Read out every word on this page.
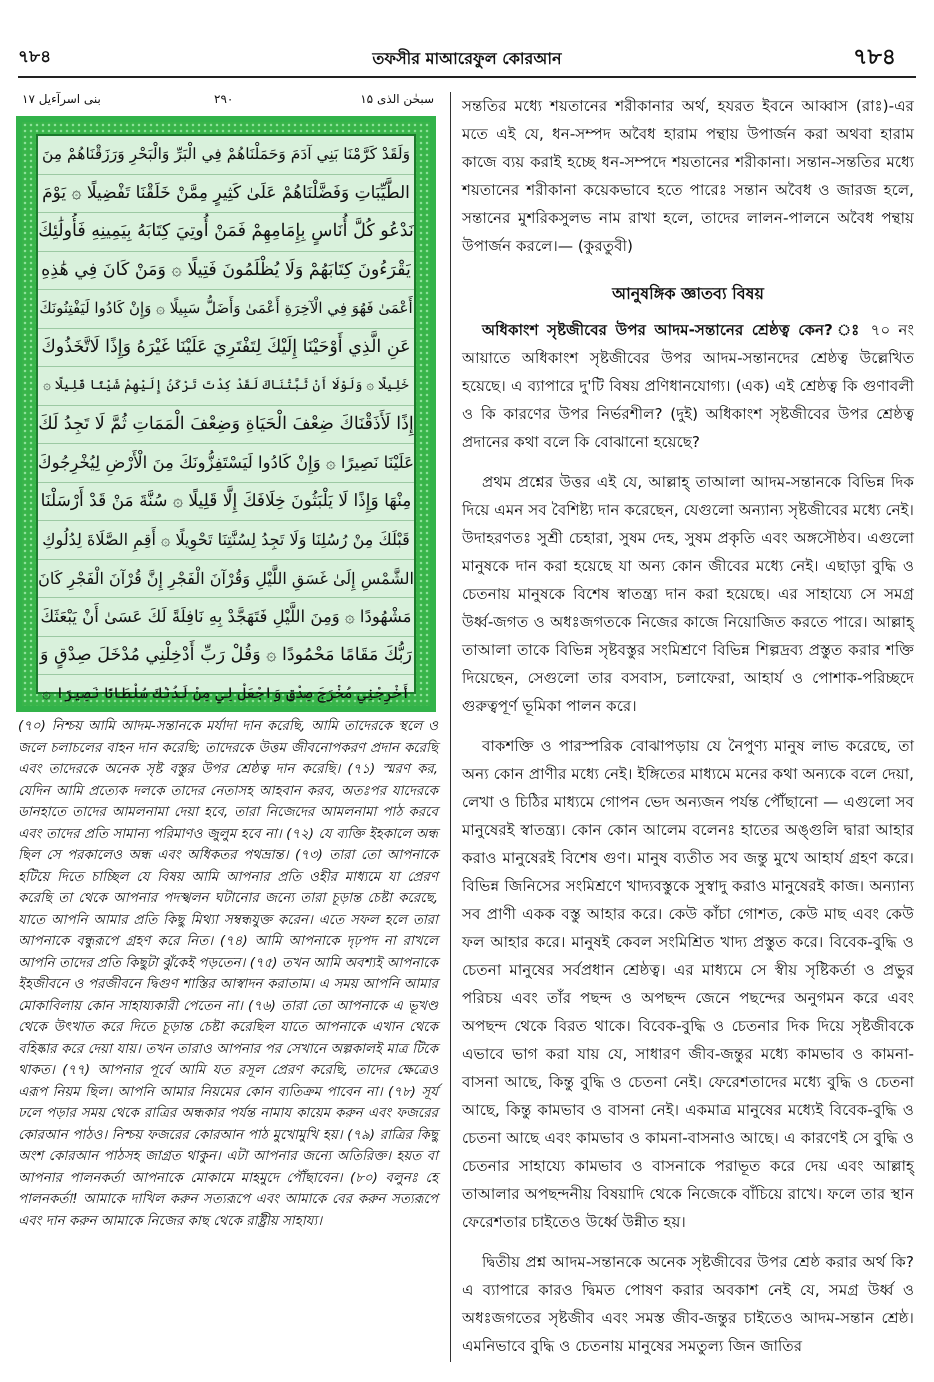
৭৮৪	তফসীর মাআরেফুল কোরআন	৭৮৪
بنی اسرآءیل ۱۷	۲۹۰	سبحٰن الذی ۱۵
وَلَقَدْ كَرَّمْنَا بَنِي آدَمَ وَحَمَلْنَاهُمْ فِي الْبَرِّ وَالْبَحْرِ وَرَزَقْنَاهُمْ مِنَ
الطَّيِّبَاتِ وَفَضَّلْنَاهُمْ عَلَىٰ كَثِيرٍ مِمَّنْ خَلَقْنَا تَفْضِيلًا ۞ يَوْمَ
نَدْعُو كُلَّ أُنَاسٍ بِإِمَامِهِمْ فَمَنْ أُوتِيَ كِتَابَهُ بِيَمِينِهِ فَأُولَٰئِكَ
يَقْرَءُونَ كِتَابَهُمْ وَلَا يُظْلَمُونَ فَتِيلًا ۞ وَمَنْ كَانَ فِي هَٰذِهِ
أَعْمَىٰ فَهُوَ فِي الْآخِرَةِ أَعْمَىٰ وَأَضَلُّ سَبِيلًا ۞ وَإِنْ كَادُوا لَيَفْتِنُونَكَ
عَنِ الَّذِي أَوْحَيْنَا إِلَيْكَ لِتَفْتَرِيَ عَلَيْنَا غَيْرَهُ وَإِذًا لَاتَّخَذُوكَ
خَلِيلًا ۞ وَلَوْلَا أَنْ ثَبَّتْنَاكَ لَقَدْ كِدْتَ تَرْكَنُ إِلَيْهِمْ شَيْئًا قَلِيلًا ۞
إِذًا لَأَذَقْنَاكَ ضِعْفَ الْحَيَاةِ وَضِعْفَ الْمَمَاتِ ثُمَّ لَا تَجِدُ لَكَ
عَلَيْنَا نَصِيرًا ۞ وَإِنْ كَادُوا لَيَسْتَفِزُّونَكَ مِنَ الْأَرْضِ لِيُخْرِجُوكَ
مِنْهَا وَإِذًا لَا يَلْبَثُونَ خِلَافَكَ إِلَّا قَلِيلًا ۞ سُنَّةَ مَنْ قَدْ أَرْسَلْنَا
قَبْلَكَ مِنْ رُسُلِنَا وَلَا تَجِدُ لِسُنَّتِنَا تَحْوِيلًا ۞ أَقِمِ الصَّلَاةَ لِدُلُوكِ
الشَّمْسِ إِلَىٰ غَسَقِ اللَّيْلِ وَقُرْآنَ الْفَجْرِ إِنَّ قُرْآنَ الْفَجْرِ كَانَ
مَشْهُودًا ۞ وَمِنَ اللَّيْلِ فَتَهَجَّدْ بِهِ نَافِلَةً لَكَ عَسَىٰ أَنْ يَبْعَثَكَ
رَبُّكَ مَقَامًا مَحْمُودًا ۞ وَقُلْ رَبِّ أَدْخِلْنِي مُدْخَلَ صِدْقٍ وَ
أَخْرِجْنِي مُخْرَجَ صِدْقٍ وَاجْعَلْ لِي مِنْ لَدُنْكَ سُلْطَانًا نَصِيرًا ۞

(৭০) নিশ্চয় আমি আদম-সন্তানকে মর্যাদা দান করেছি, আমি তাদেরকে স্থলে ও জলে চলাচলের বাহন দান করেছি; তাদেরকে উত্তম জীবনোপকরণ প্রদান করেছি এবং তাদেরকে অনেক সৃষ্ট বস্তুর উপর শ্রেষ্ঠত্ব দান করেছি। (৭১) স্মরণ কর, যেদিন আমি প্রত্যেক দলকে তাদের নেতাসহ আহবান করব, অতঃপর যাদেরকে ডানহাতে তাদের আমলনামা দেয়া হবে, তারা নিজেদের আমলনামা পাঠ করবে এবং তাদের প্রতি সামান্য পরিমাণও জুলুম হবে না। (৭২) যে ব্যক্তি ইহকালে অন্ধ ছিল সে পরকালেও অন্ধ এবং অধিকতর পথভ্রান্ত। (৭৩) তারা তো আপনাকে হটিয়ে দিতে চাচ্ছিল যে বিষয় আমি আপনার প্রতি ওহীর মাধ্যমে যা প্রেরণ করেছি তা থেকে আপনার পদস্খলন ঘটানোর জন্যে তারা চূড়ান্ত চেষ্টা করেছে, যাতে আপনি আমার প্রতি কিছু মিথ্যা সম্বন্ধযুক্ত করেন। এতে সফল হলে তারা আপনাকে বন্ধুরূপে গ্রহণ করে নিত। (৭৪) আমি আপনাকে দৃঢ়পদ না রাখলে আপনি তাদের প্রতি কিছুটা ঝুঁকেই পড়তেন। (৭৫) তখন আমি অবশ্যই আপনাকে ইহজীবনে ও পরজীবনে দ্বিগুণ শাস্তির আস্বাদন করাতাম। এ সময় আপনি আমার মোকাবিলায় কোন সাহায্যকারী পেতেন না। (৭৬) তারা তো আপনাকে এ ভূখণ্ড থেকে উৎখাত করে দিতে চূড়ান্ত চেষ্টা করেছিল যাতে আপনাকে এখান থেকে বহিষ্কার করে দেয়া যায়। তখন তারাও আপনার পর সেখানে অল্পকালই মাত্র টিকে থাকত। (৭৭) আপনার পূর্বে আমি যত রসূল প্রেরণ করেছি, তাদের ক্ষেত্রেও এরূপ নিয়ম ছিল। আপনি আমার নিয়মের কোন ব্যতিক্রম পাবেন না। (৭৮) সূর্য ঢলে পড়ার সময় থেকে রাত্রির অন্ধকার পর্যন্ত নামায কায়েম করুন এবং ফজরের কোরআন পাঠও। নিশ্চয় ফজরের কোরআন পাঠ মুখোমুখি হয়। (৭৯) রাত্রির কিছু অংশ কোরআন পাঠসহ জাগ্রত থাকুন। এটা আপনার জন্যে অতিরিক্ত। হয়ত বা আপনার পালনকর্তা আপনাকে মোকামে মাহমুদে পৌঁছাবেন। (৮০) বলুনঃ হে পালনকর্তা! আমাকে দাখিল করুন সত্যরূপে এবং আমাকে বের করুন সত্যরূপে এবং দান করুন আমাকে নিজের কাছ থেকে রাষ্ট্রীয় সাহায্য।

সন্ততির মধ্যে শয়তানের শরীকানার অর্থ, হযরত ইবনে আব্বাস (রাঃ)-এর মতে এই যে, ধন-সম্পদ অবৈধ হারাম পন্থায় উপার্জন করা অথবা হারাম কাজে ব্যয় করাই হচ্ছে ধন-সম্পদে শয়তানের শরীকানা। সন্তান-সন্ততির মধ্যে শয়তানের শরীকানা কয়েকভাবে হতে পারেঃ সন্তান অবৈধ ও জারজ হলে, সন্তানের মুশরিকসুলভ নাম রাখা হলে, তাদের লালন-পালনে অবৈধ পন্থায় উপার্জন করলে।— (কুরতুবী)

আনুষঙ্গিক জ্ঞাতব্য বিষয়

অধিকাংশ সৃষ্টজীবের উপর আদম-সন্তানের শ্রেষ্ঠত্ব কেন? ঃ ৭০ নং আয়াতে অধিকাংশ সৃষ্টজীবের উপর আদম-সন্তানদের শ্রেষ্ঠত্ব উল্লেখিত হয়েছে। এ ব্যাপারে দু'টি বিষয় প্রণিধানযোগ্য। (এক) এই শ্রেষ্ঠত্ব কি গুণাবলী ও কি কারণের উপর নির্ভরশীল? (দুই) অধিকাংশ সৃষ্টজীবের উপর শ্রেষ্ঠত্ব প্রদানের কথা বলে কি বোঝানো হয়েছে?

প্রথম প্রশ্নের উত্তর এই যে, আল্লাহ্ তাআলা আদম-সন্তানকে বিভিন্ন দিক দিয়ে এমন সব বৈশিষ্ট্য দান করেছেন, যেগুলো অন্যান্য সৃষ্টজীবের মধ্যে নেই। উদাহরণতঃ সুশ্রী চেহারা, সুষম দেহ, সুষম প্রকৃতি এবং অঙ্গসৌষ্ঠব। এগুলো মানুষকে দান করা হয়েছে যা অন্য কোন জীবের মধ্যে নেই। এছাড়া বুদ্ধি ও চেতনায় মানুষকে বিশেষ স্বাতন্ত্র্য দান করা হয়েছে। এর সাহায্যে সে সমগ্র উর্ধ্ব-জগত ও অধঃজগতকে নিজের কাজে নিয়োজিত করতে পারে। আল্লাহ্ তাআলা তাকে বিভিন্ন সৃষ্টবস্তুর সংমিশ্রণে বিভিন্ন শিল্পদ্রব্য প্রস্তুত করার শক্তি দিয়েছেন, সেগুলো তার বসবাস, চলাফেরা, আহার্য ও পোশাক-পরিচ্ছদে গুরুত্বপূর্ণ ভূমিকা পালন করে।

বাকশক্তি ও পারস্পরিক বোঝাপড়ায় যে নৈপুণ্য মানুষ লাভ করেছে, তা অন্য কোন প্রাণীর মধ্যে নেই। ইঙ্গিতের মাধ্যমে মনের কথা অন্যকে বলে দেয়া, লেখা ও চিঠির মাধ্যমে গোপন ভেদ অন্যজন পর্যন্ত পৌঁছানো — এগুলো সব মানুষেরই স্বাতন্ত্র্য। কোন কোন আলেম বলেনঃ হাতের অঙ্গুলি দ্বারা আহার করাও মানুষেরই বিশেষ গুণ। মানুষ ব্যতীত সব জন্তু মুখে আহার্য গ্রহণ করে। বিভিন্ন জিনিসের সংমিশ্রণে খাদ্যবস্তুকে সুস্বাদু করাও মানুষেরই কাজ। অন্যান্য সব প্রাণী একক বস্তু আহার করে। কেউ কাঁচা গোশত, কেউ মাছ এবং কেউ ফল আহার করে। মানুষই কেবল সংমিশ্রিত খাদ্য প্রস্তুত করে। বিবেক-বুদ্ধি ও চেতনা মানুষের সর্বপ্রধান শ্রেষ্ঠত্ব। এর মাধ্যমে সে স্বীয় সৃষ্টিকর্তা ও প্রভুর পরিচয় এবং তাঁর পছন্দ ও অপছন্দ জেনে পছন্দের অনুগমন করে এবং অপছন্দ থেকে বিরত থাকে। বিবেক-বুদ্ধি ও চেতনার দিক দিয়ে সৃষ্টজীবকে এভাবে ভাগ করা যায় যে, সাধারণ জীব-জন্তুর মধ্যে কামভাব ও কামনা-বাসনা আছে, কিন্তু বুদ্ধি ও চেতনা নেই। ফেরেশতাদের মধ্যে বুদ্ধি ও চেতনা আছে, কিন্তু কামভাব ও বাসনা নেই। একমাত্র মানুষের মধ্যেই বিবেক-বুদ্ধি ও চেতনা আছে এবং কামভাব ও কামনা-বাসনাও আছে। এ কারণেই সে বুদ্ধি ও চেতনার সাহায্যে কামভাব ও বাসনাকে পরাভূত করে দেয় এবং আল্লাহ্ তাআলার অপছন্দনীয় বিষয়াদি থেকে নিজেকে বাঁচিয়ে রাখে। ফলে তার স্থান ফেরেশতার চাইতেও উর্ধ্বে উন্নীত হয়।

দ্বিতীয় প্রশ্ন আদম-সন্তানকে অনেক সৃষ্টজীবের উপর শ্রেষ্ঠ করার অর্থ কি? এ ব্যাপারে কারও দ্বিমত পোষণ করার অবকাশ নেই যে, সমগ্র উর্ধ্ব ও অধঃজগতের সৃষ্টজীব এবং সমস্ত জীব-জন্তুর চাইতেও আদম-সন্তান শ্রেষ্ঠ। এমনিভাবে বুদ্ধি ও চেতনায় মানুষের সমতুল্য জিন জাতির
